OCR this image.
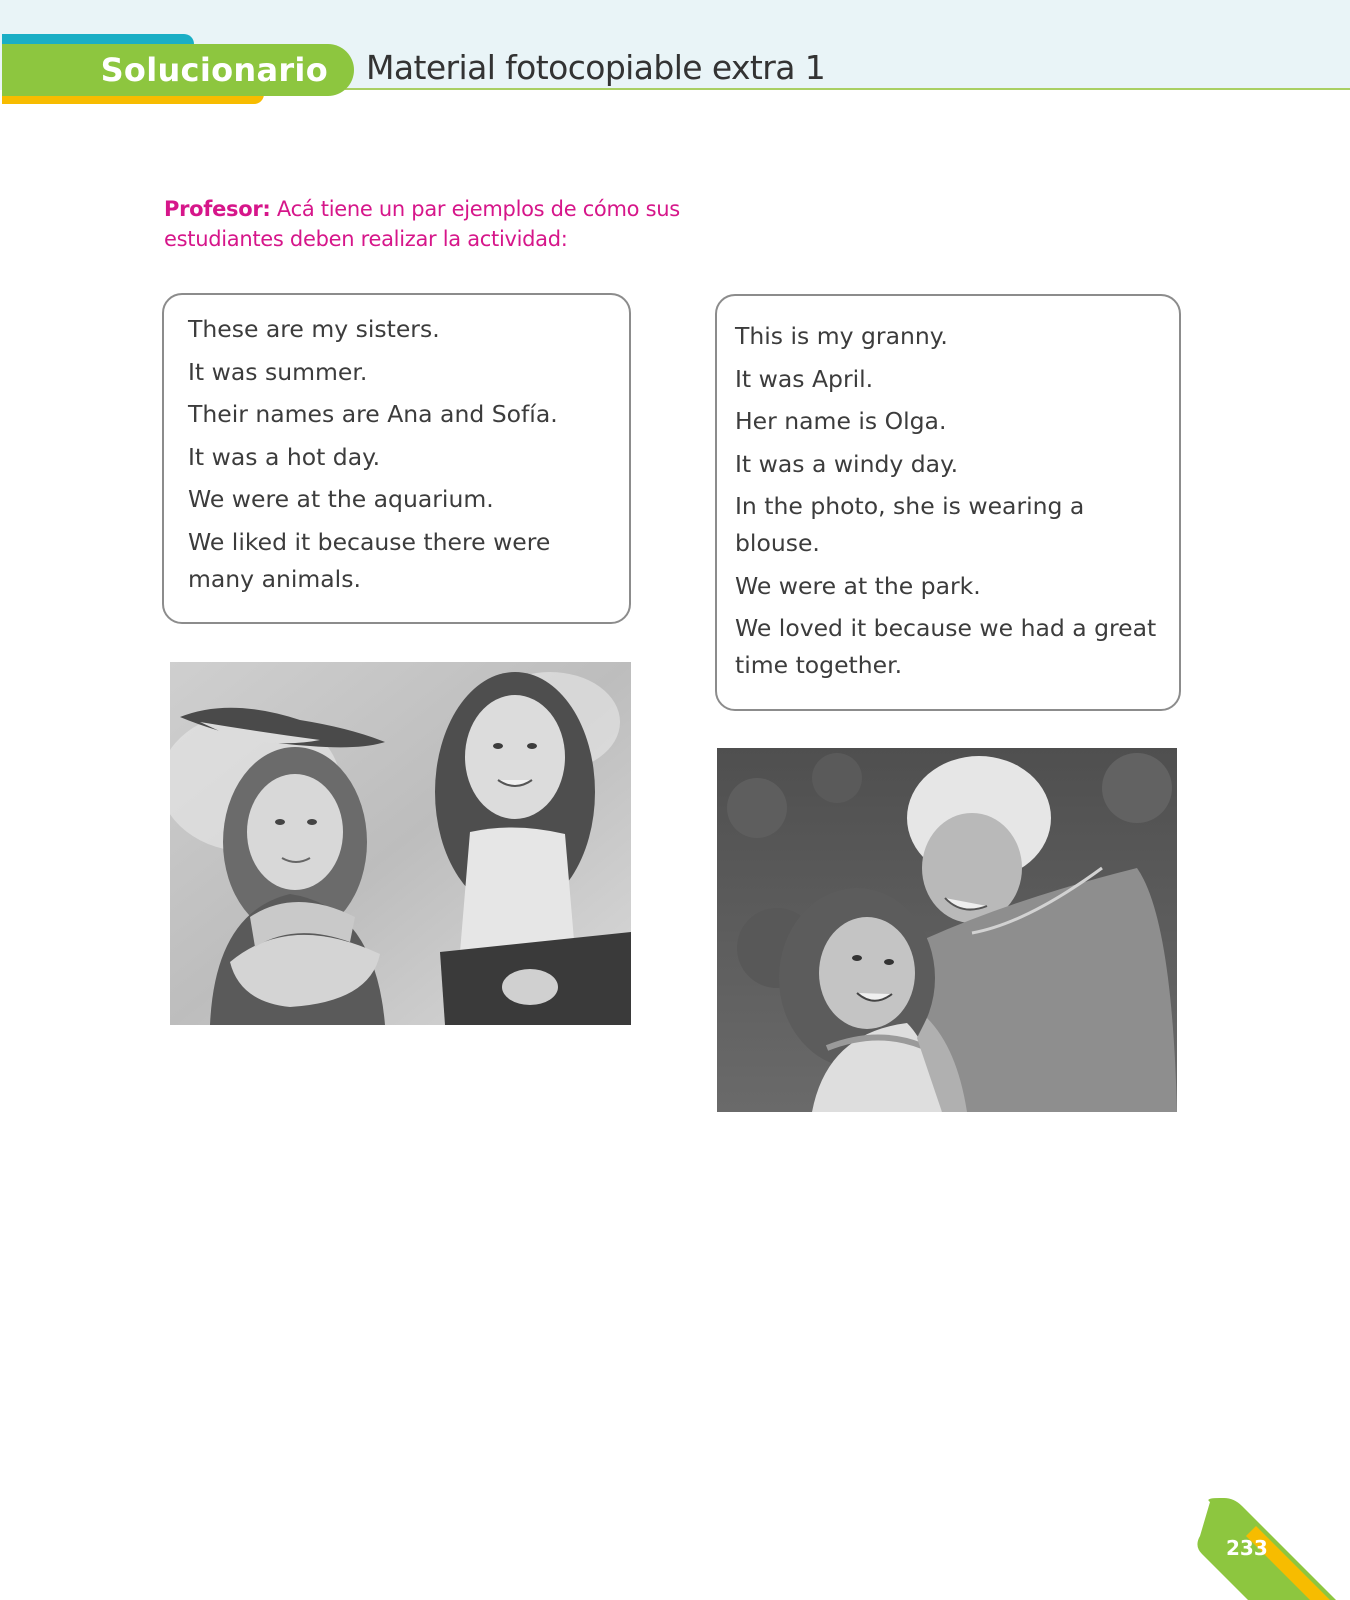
Solucionario Material fotocopiable extra 1
Profesor: Acá tiene un par ejemplos de cómo sus estudiantes deben realizar la actividad:
These are my sisters.
It was summer.
Their names are Ana and Sofía.
It was a hot day.
We were at the aquarium.
We liked it because there were many animals.
This is my granny.
It was April.
Her name is Olga.
It was a windy day.
In the photo, she is wearing a blouse.
We were at the park.
We loved it because we had a great time together.
233
